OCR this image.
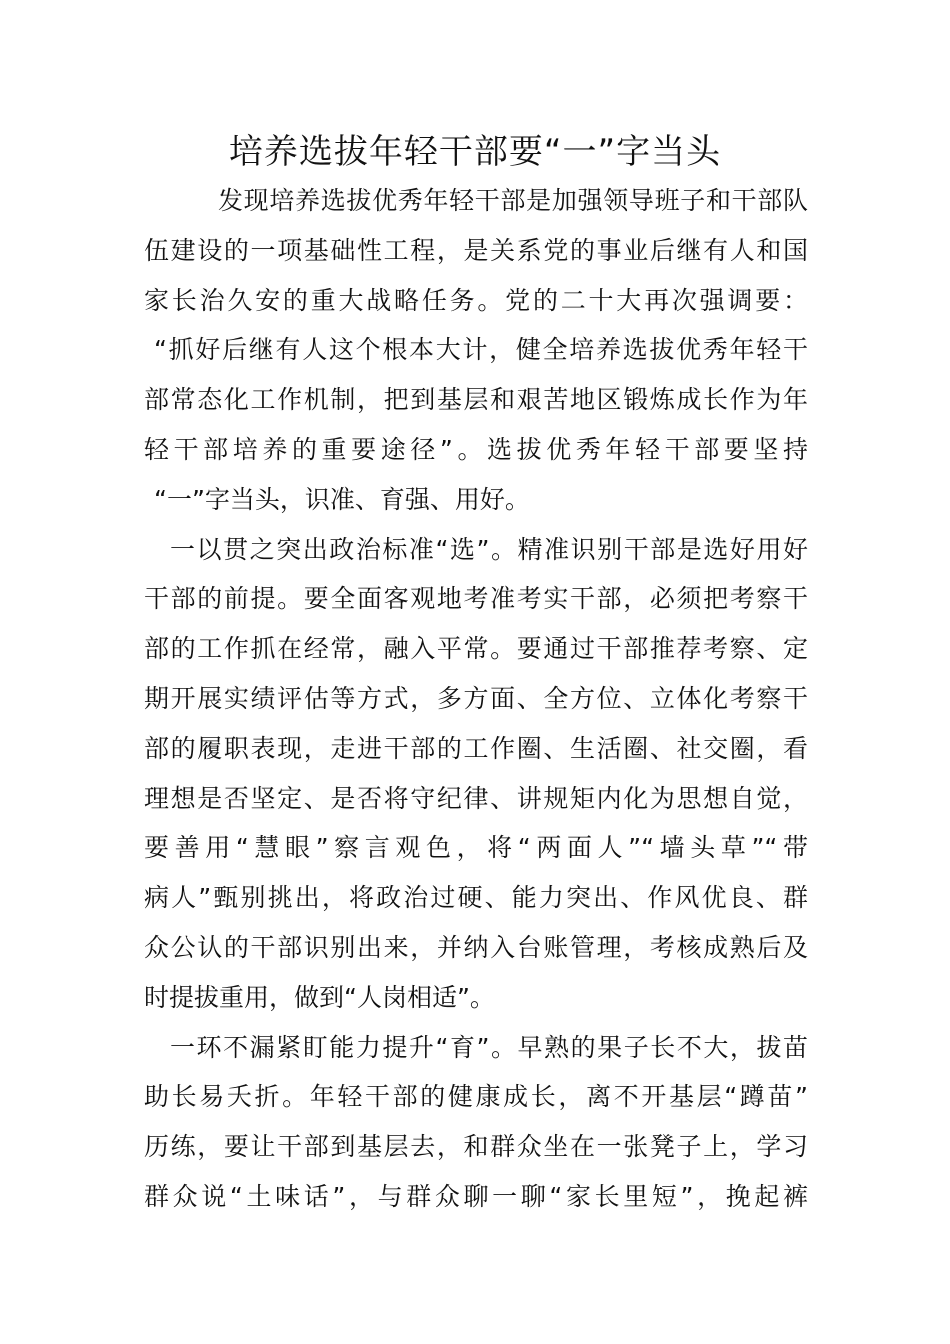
培养选拔年轻干部要“一”字当头
发现培养选拔优秀年轻干部是加强领导班子和干部队
伍建设的一项基础性工程，是关系党的事业后继有人和国
家长治久安的重大战略任务。党的二十大再次强调要：
“抓好后继有人这个根本大计，健全培养选拔优秀年轻干
部常态化工作机制，把到基层和艰苦地区锻炼成长作为年
轻干部培养的重要途径”。选拔优秀年轻干部要坚持
“一”字当头，识准、育强、用好。
一以贯之突出政治标准“选”。精准识别干部是选好用好
干部的前提。要全面客观地考准考实干部，必须把考察干
部的工作抓在经常，融入平常。要通过干部推荐考察、定
期开展实绩评估等方式，多方面、全方位、立体化考察干
部的履职表现，走进干部的工作圈、生活圈、社交圈，看
理想是否坚定、是否将守纪律、讲规矩内化为思想自觉，
要善用“慧眼”察言观色，将“两面人”“墙头草”“带
病人”甄别挑出，将政治过硬、能力突出、作风优良、群
众公认的干部识别出来，并纳入台账管理，考核成熟后及
时提拔重用，做到“人岗相适”。
一环不漏紧盯能力提升“育”。早熟的果子长不大，拔苗
助长易夭折。年轻干部的健康成长，离不开基层“蹲苗”
历练，要让干部到基层去，和群众坐在一张凳子上，学习
群众说“土味话”，与群众聊一聊“家长里短”，挽起裤
